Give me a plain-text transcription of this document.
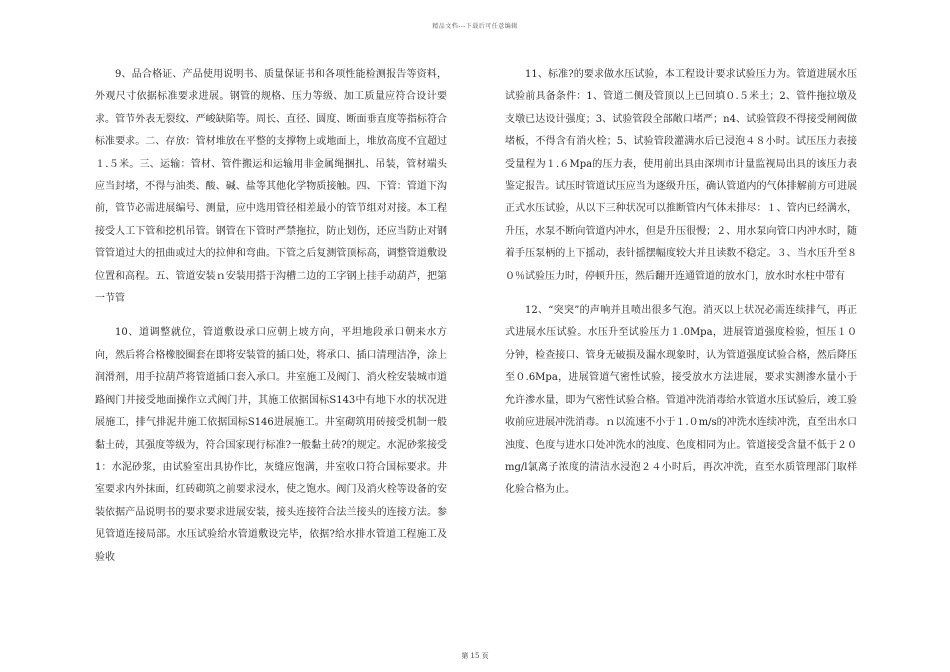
精品文档---下载后可任意编辑

9、品合格证、产品使用说明书、质量保证书和各项性能检测报告等资料，外观尺寸依据标准要求进展。钢管的规格、压力等级、加工质量应符合设计要求。管节外表无裂纹、严峻缺陷等。周长、直径、圆度、断面垂直度等指标符合标准要求。二、存放：管材堆放在平整的支撑物上或地面上，堆放高度不宜超过１.５米。三、运输：管材、管件搬运和运输用非金属绳捆扎、吊装，管材端头应当封堵，不得与油类、酸、碱、盐等其他化学物质接触。四、下管：管道下沟前，管节必需进展编号、测量，应中选用管径相差最小的管节组对对接。本工程接受人工下管和挖机吊管。钢管在下管时严禁拖拉，防止划伤，还应当防止对钢管管道过大的扭曲或过大的拉伸和弯曲。下管之后复测管顶标高，调整管道敷设位置和高程。五、管道安装ｎ安装用搭于沟槽二边的工字钢上挂手动葫芦，把第一节管

10、道调整就位，管道敷设承口应朝上坡方向，平坦地段承口朝来水方向，然后将合格橡胶圈套在即将安装管的插口处，将承口、插口清理洁净，涂上润滑剂，用手拉葫芦将管道插口套入承口。井室施工及阀门、消火栓安装城市道路阀门井接受地面操作立式阀门井，其施工依据国标S143中有地下水的状况进展施工，排气排泥井施工依据国标S146进展施工。井室砌筑用砖接受机制一般黏土砖，其强度等级为，符合国家现行标准?一般黏土砖?的规定。水泥砂浆接受1：水泥砂浆，由试验室出具协作比，灰缝应饱满，井室收口符合国标要求。井室要求内外抹面，红砖砌筑之前要求浸水，使之饱水。阀门及消火栓等设备的安装依据产品说明书的要求要求进展安装，接头连接符合法兰接头的连接方法。参见管道连接局部。水压试验给水管道敷设完毕，依据?给水排水管道工程施工及验收

11、标准?的要求做水压试验，本工程设计要求试验压力为。管道进展水压试验前具备条件：1、管道二侧及管顶以上已回填０.５米土；2、管件拖拉墩及支墩已达设计强度；3、试验管段全部敞口堵严；n4、试验管段不得接受闸阀做堵板，不得含有消火栓；5、试验管段灌满水后已浸泡４８小时。试压压力表接受量程为１.６Mpa的压力表，使用前出具由深圳市计量监视局出具的该压力表鉴定报告。试压时管道试压应当为逐级升压，确认管道内的气体排解前方可进展正式水压试验，从以下三种状况可以推断管内气体未排尽：１、管内已经满水，升压，水泵不断向管道内冲水，但是升压很慢；２、用水泵向管口内冲水时，随着手压泵柄的上下摇动，表针摇摆幅度较大并且读数不稳定。３、当水压升至８０％试验压力时，停顿升压，然后翻开连通管道的放水门，放水时水柱中带有

12、“突突”的声响并且喷出很多气泡。消灭以上状况必需连续排气，再正式进展水压试验。水压升至试验压力１.0Mpa，进展管道强度检验，恒压１０分钟，检查接口、管身无破损及漏水现象时，认为管道强度试验合格，然后降压至０.6Mpa，进展管道气密性试验，接受放水方法进展，要求实测渗水量小于允许渗水量，即为气密性试验合格。管道冲洗消毒给水管道水压试验后，竣工验收前应进展冲洗消毒。ｎ以流速不小于１.０m/s的冲洗水连续冲洗，直至出水口浊度、色度与进水口处冲洗水的浊度、色度相同为止。管道接受含量不低于２０mg/l氯离子浓度的清洁水浸泡２４小时后，再次冲洗，直至水质管理部门取样化验合格为止。

第 15 页
